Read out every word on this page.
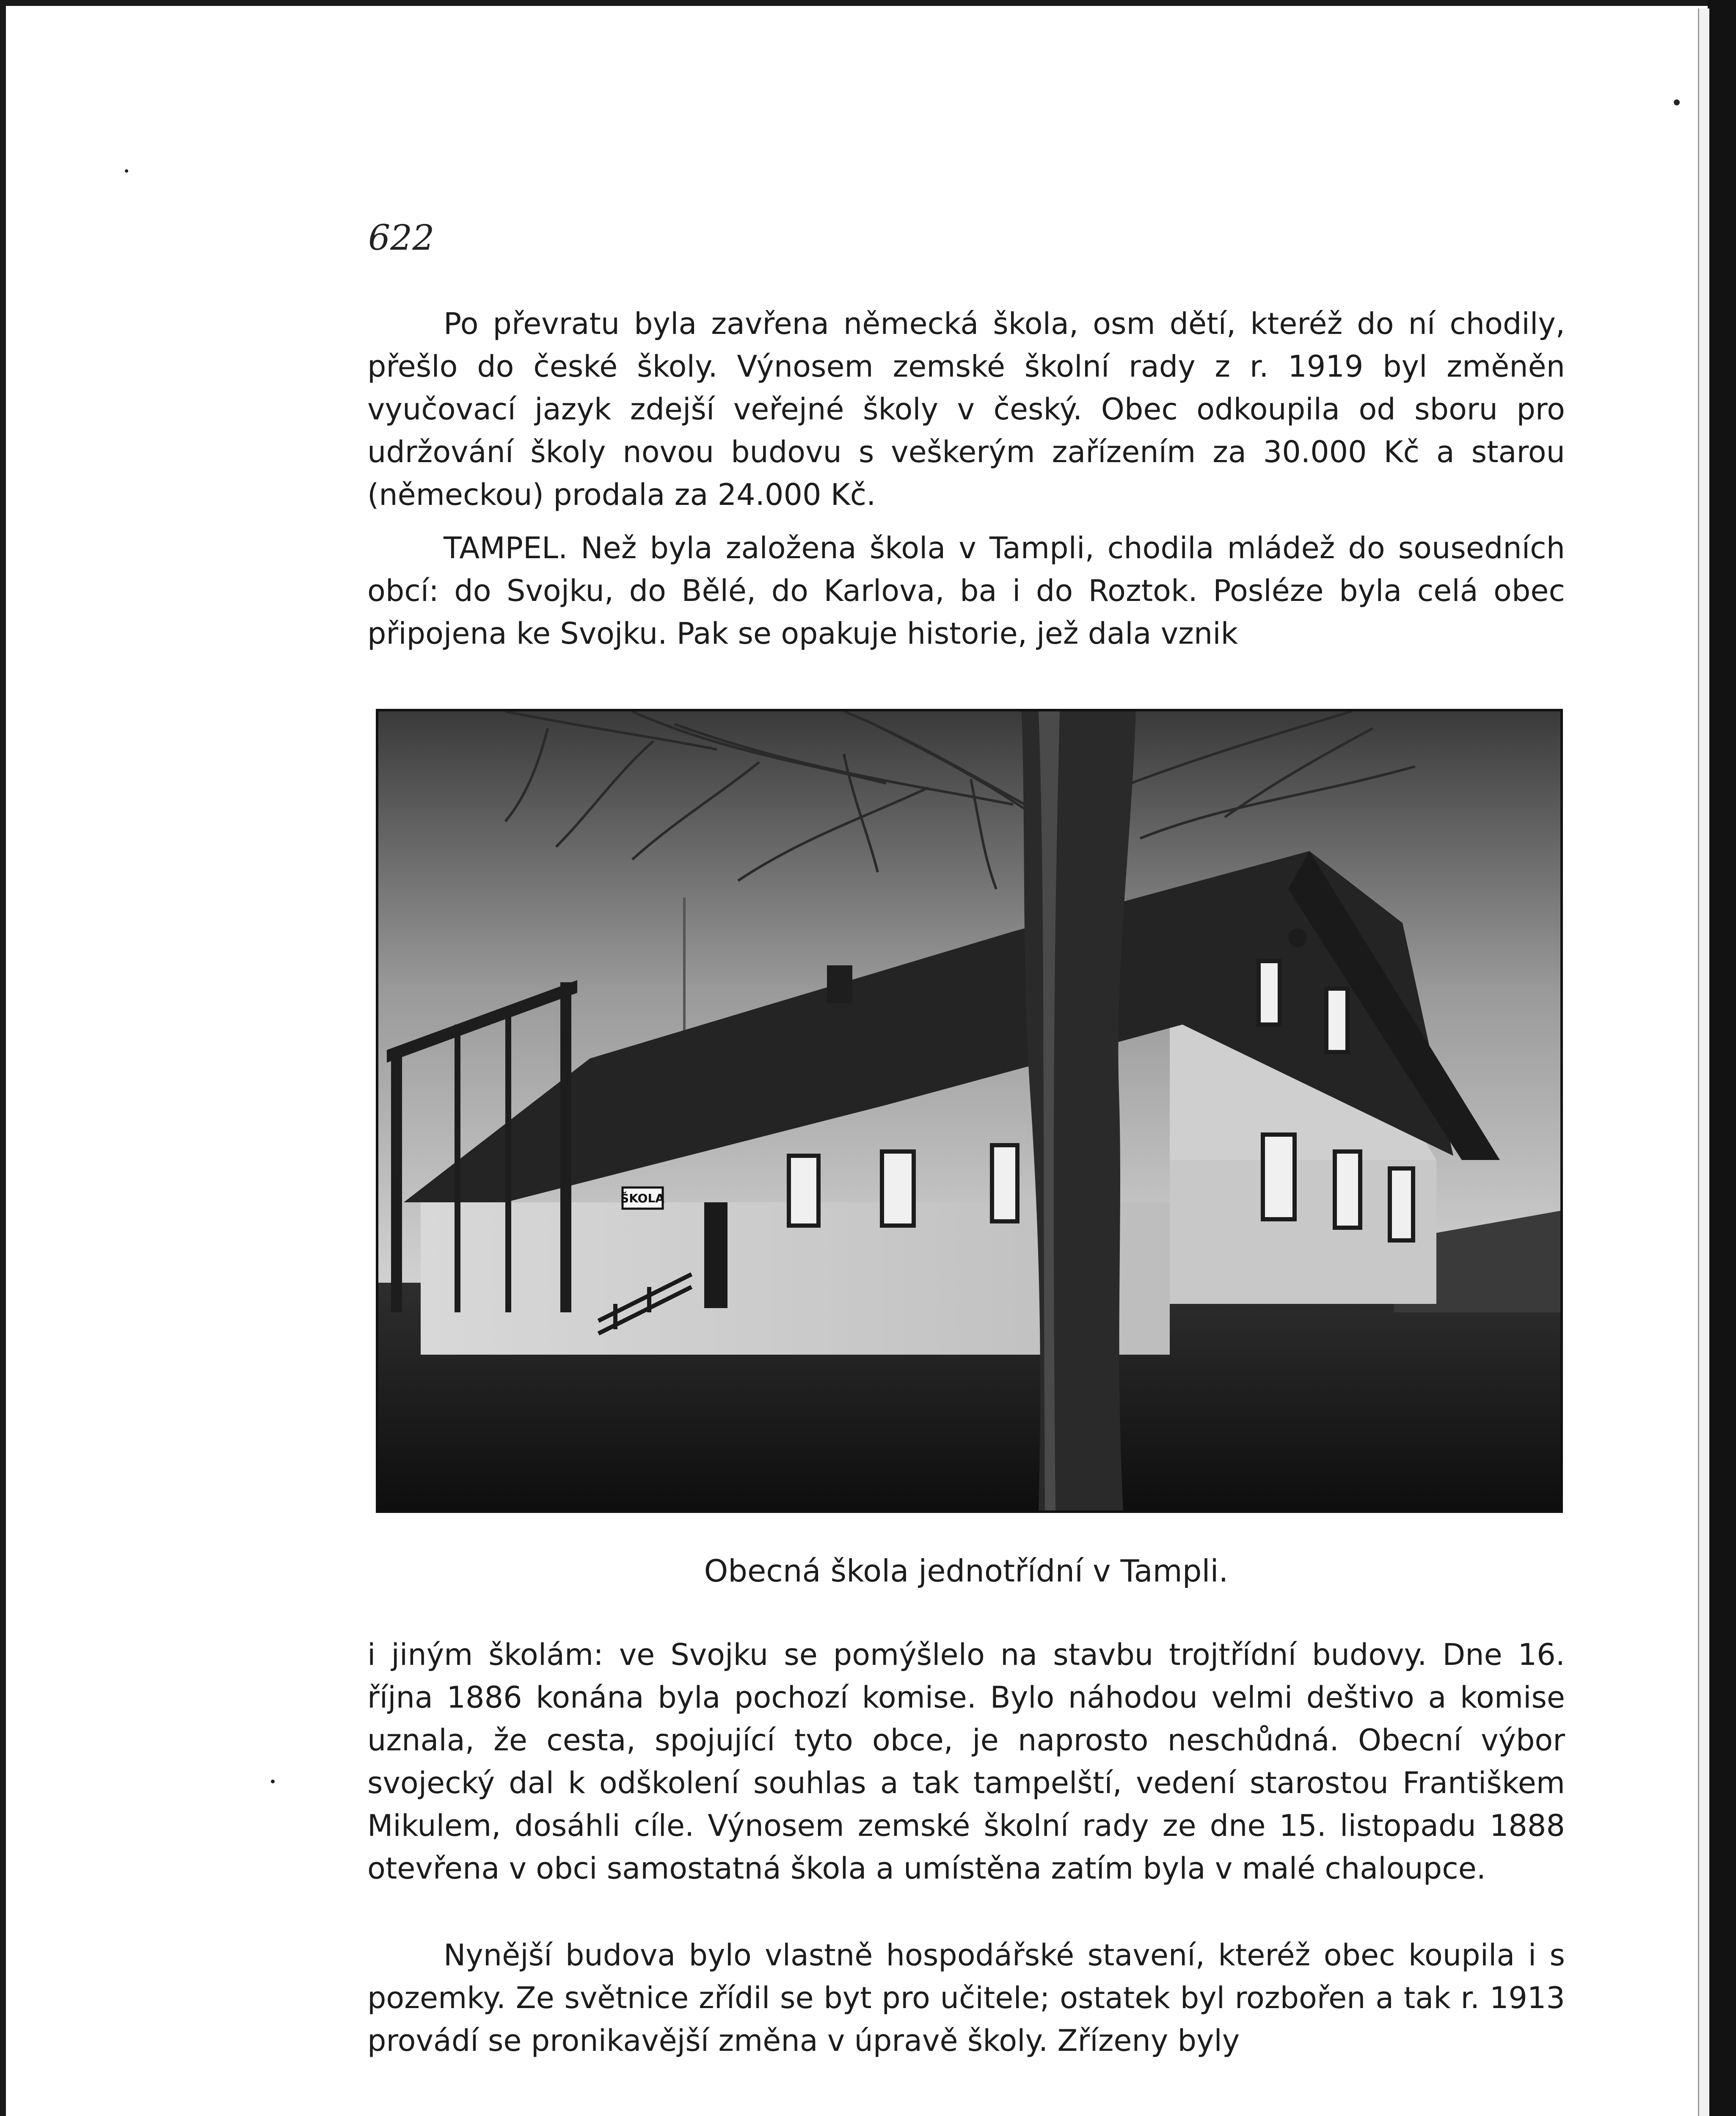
622

Po převratu byla zavřena německá škola, osm dětí, kteréž do ní chodily, přešlo do české školy. Výnosem zemské školní rady z r. 1919 byl změněn vyučovací jazyk zdejší veřejné školy v český. Obec odkoupila od sboru pro udržování školy novou budovu s veškerým zařízením za 30.000 Kč a starou (německou) prodala za 24.000 Kč.

TAMPEL. Než byla založena škola v Tampli, chodila mládež do sousedních obcí: do Svojku, do Bělé, do Karlova, ba i do Roztok. Posléze byla celá obec připojena ke Svojku. Pak se opakuje historie, jež dala vznik

ŠKOLA
Obecná škola jednotřídní v Tampli.

i jiným školám: ve Svojku se pomýšlelo na stavbu trojtřídní budovy. Dne 16. října 1886 konána byla pochozí komise. Bylo náhodou velmi deštivo a komise uznala, že cesta, spojující tyto obce, je naprosto neschůdná. Obecní výbor svojecký dal k odškolení souhlas a tak tampelští, vedení starostou Františkem Mikulem, dosáhli cíle. Výnosem zemské školní rady ze dne 15. listopadu 1888 otevřena v obci samostatná škola a umístěna zatím byla v malé chaloupce.

Nynější budova bylo vlastně hospodářské stavení, kteréž obec koupila i s pozemky. Ze světnice zřídil se byt pro učitele; ostatek byl rozbořen a tak r. 1913 provádí se pronikavější změna v úpravě školy. Zřízeny byly
